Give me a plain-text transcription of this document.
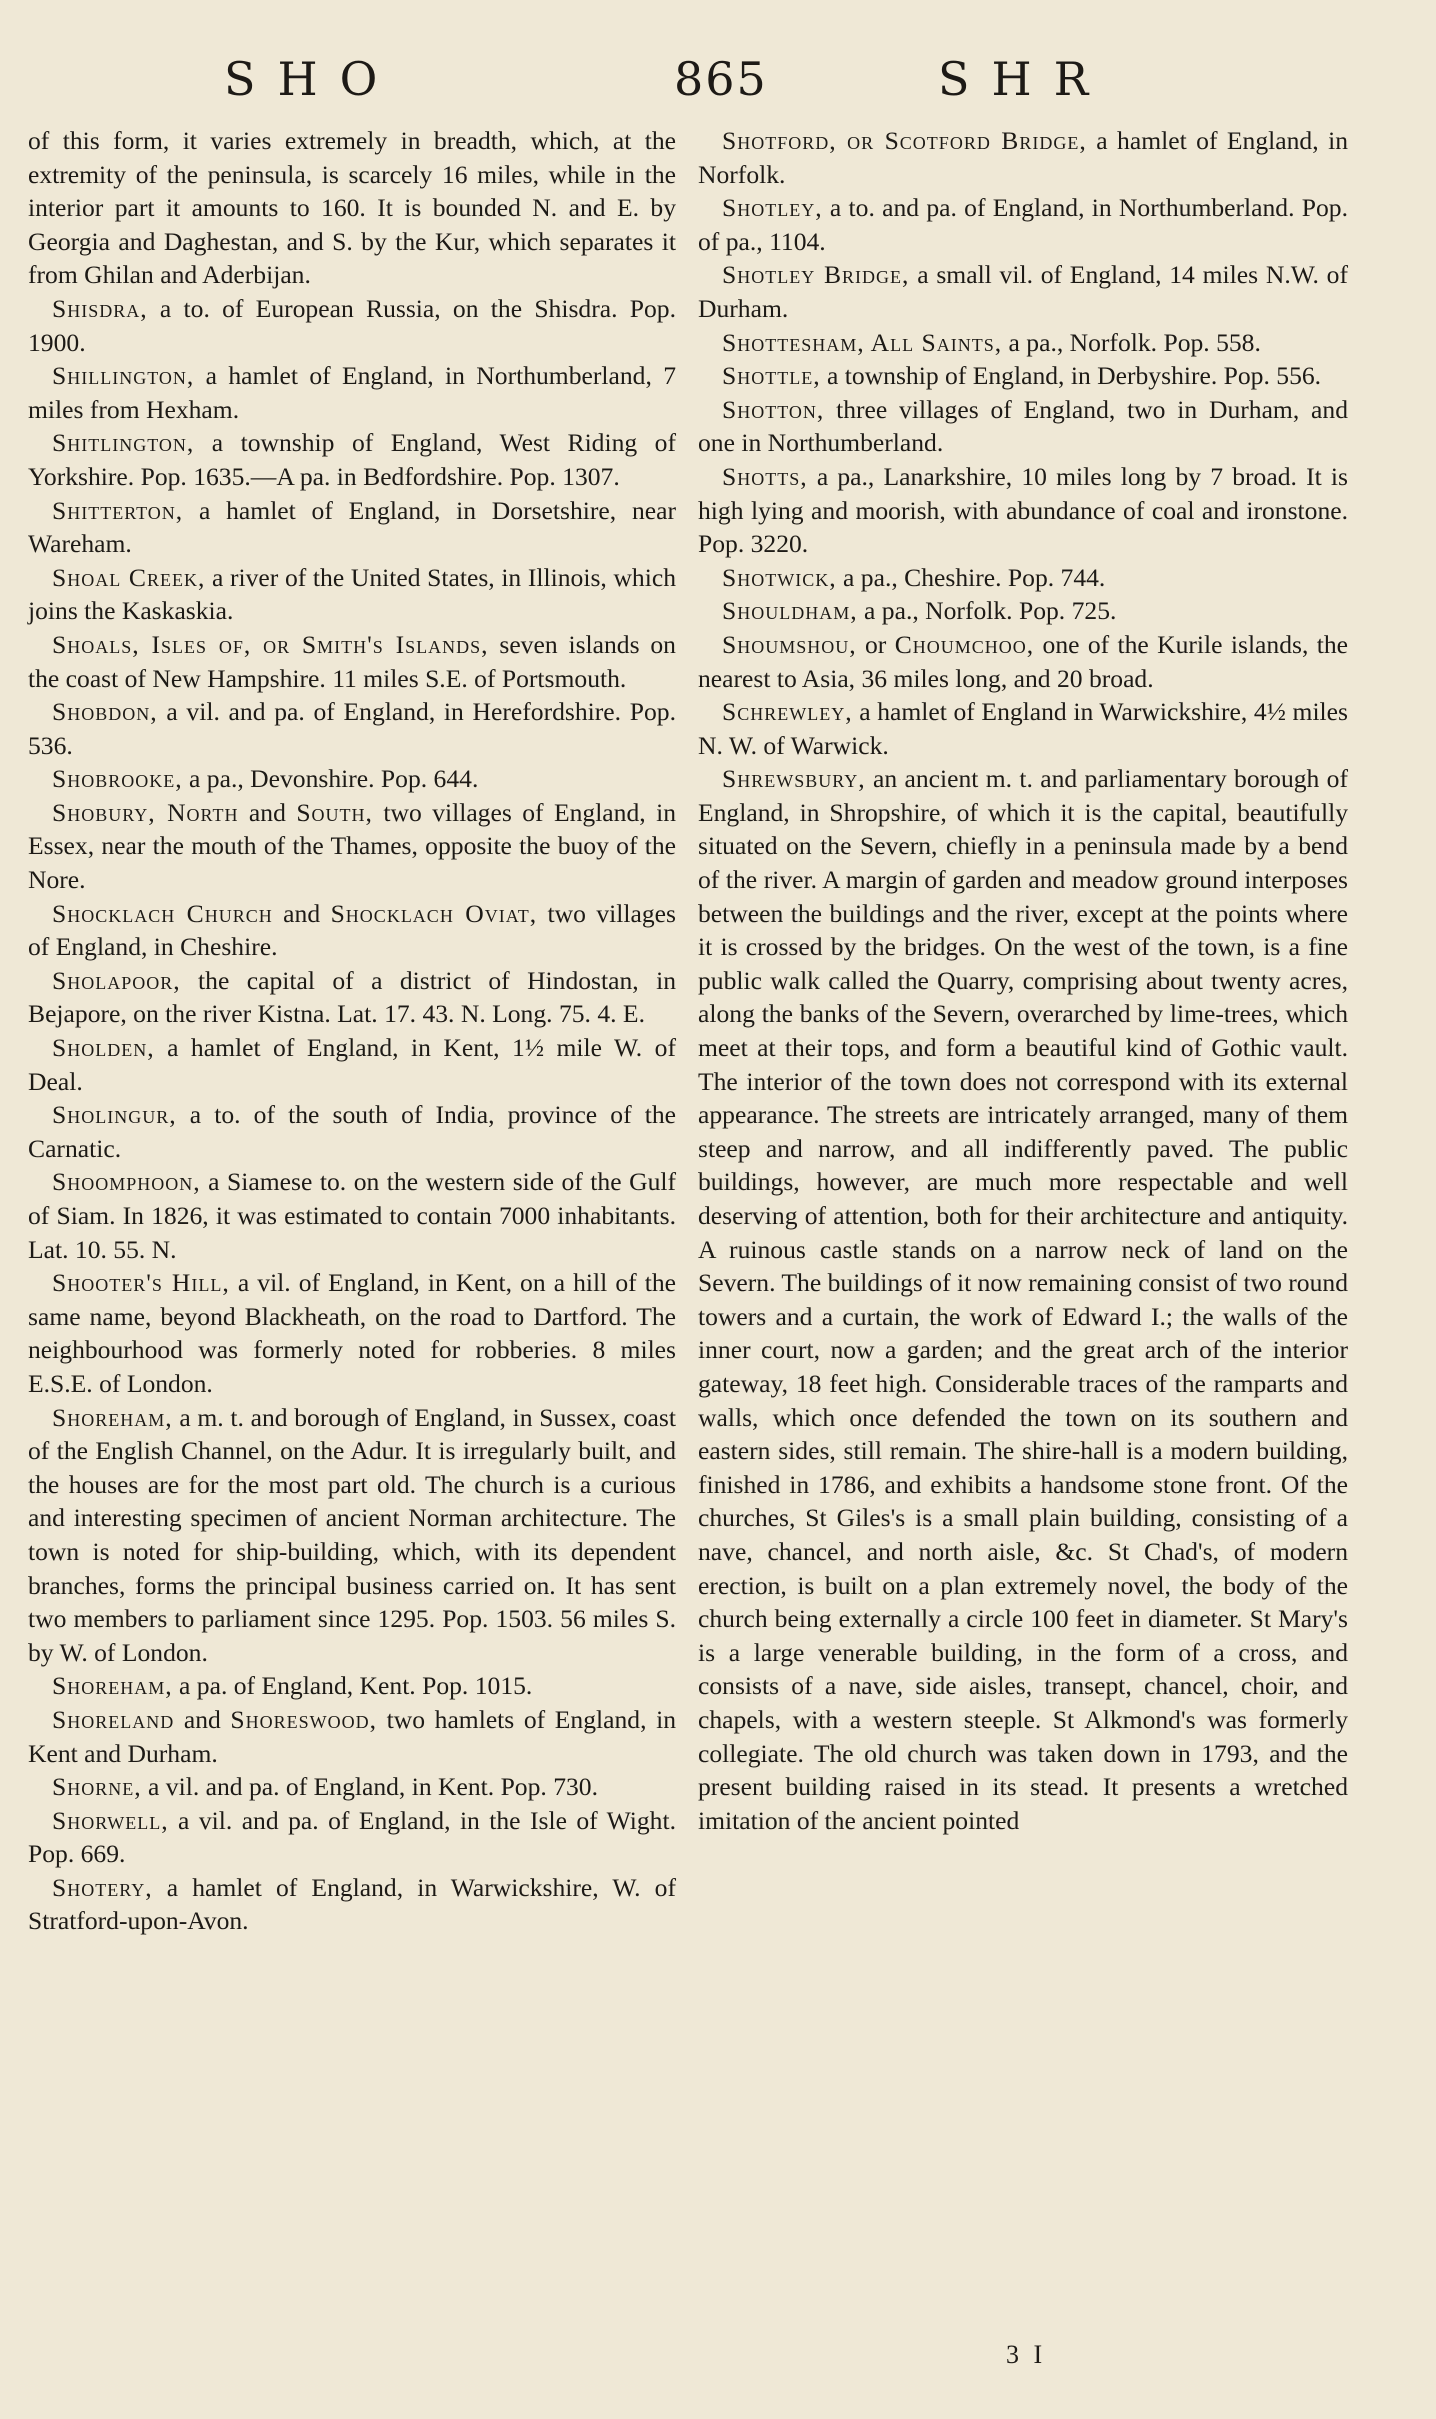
SHO	865	SHR

of this form, it varies extremely in breadth, which, at the extremity of the peninsula, is scarcely 16 miles, while in the interior part it amounts to 160. It is bounded N. and E. by Georgia and Daghestan, and S. by the Kur, which separates it from Ghilan and Aderbijan.

Shisdra, a to. of European Russia, on the Shisdra. Pop. 1900.

Shillington, a hamlet of England, in Northumberland, 7 miles from Hexham.

Shitlington, a township of England, West Riding of Yorkshire. Pop. 1635.—A pa. in Bedfordshire. Pop. 1307.

Shitterton, a hamlet of England, in Dorsetshire, near Wareham.

Shoal Creek, a river of the United States, in Illinois, which joins the Kaskaskia.

Shoals, Isles of, or Smith's Islands, seven islands on the coast of New Hampshire. 11 miles S.E. of Portsmouth.

Shobdon, a vil. and pa. of England, in Herefordshire. Pop. 536.

Shobrooke, a pa., Devonshire. Pop. 644.

Shobury, North and South, two villages of England, in Essex, near the mouth of the Thames, opposite the buoy of the Nore.

Shocklach Church and Shocklach Oviat, two villages of England, in Cheshire.

Sholapoor, the capital of a district of Hindostan, in Bejapore, on the river Kistna. Lat. 17. 43. N. Long. 75. 4. E.

Sholden, a hamlet of England, in Kent, 1½ mile W. of Deal.

Sholingur, a to. of the south of India, province of the Carnatic.

Shoomphoon, a Siamese to. on the western side of the Gulf of Siam. In 1826, it was estimated to contain 7000 inhabitants. Lat. 10. 55. N.

Shooter's Hill, a vil. of England, in Kent, on a hill of the same name, beyond Blackheath, on the road to Dartford. The neighbourhood was formerly noted for robberies. 8 miles E.S.E. of London.

Shoreham, a m. t. and borough of England, in Sussex, coast of the English Channel, on the Adur. It is irregularly built, and the houses are for the most part old. The church is a curious and interesting specimen of ancient Norman architecture. The town is noted for ship-building, which, with its dependent branches, forms the principal business carried on. It has sent two members to parliament since 1295. Pop. 1503. 56 miles S. by W. of London.

Shoreham, a pa. of England, Kent. Pop. 1015.

Shoreland and Shoreswood, two hamlets of England, in Kent and Durham.

Shorne, a vil. and pa. of England, in Kent. Pop. 730.

Shorwell, a vil. and pa. of England, in the Isle of Wight. Pop. 669.

Shotery, a hamlet of England, in Warwickshire, W. of Stratford-upon-Avon.

Shotford, or Scotford Bridge, a hamlet of England, in Norfolk.

Shotley, a to. and pa. of England, in Northumberland. Pop. of pa., 1104.

Shotley Bridge, a small vil. of England, 14 miles N.W. of Durham.

Shottesham, All Saints, a pa., Norfolk. Pop. 558.

Shottle, a township of England, in Derbyshire. Pop. 556.

Shotton, three villages of England, two in Durham, and one in Northumberland.

Shotts, a pa., Lanarkshire, 10 miles long by 7 broad. It is high lying and moorish, with abundance of coal and ironstone. Pop. 3220.

Shotwick, a pa., Cheshire. Pop. 744.

Shouldham, a pa., Norfolk. Pop. 725.

Shoumshou, or Choumchoo, one of the Kurile islands, the nearest to Asia, 36 miles long, and 20 broad.

Schrewley, a hamlet of England in Warwickshire, 4½ miles N. W. of Warwick.

Shrewsbury, an ancient m. t. and parliamentary borough of England, in Shropshire, of which it is the capital, beautifully situated on the Severn, chiefly in a peninsula made by a bend of the river. A margin of garden and meadow ground interposes between the buildings and the river, except at the points where it is crossed by the bridges. On the west of the town, is a fine public walk called the Quarry, comprising about twenty acres, along the banks of the Severn, overarched by lime-trees, which meet at their tops, and form a beautiful kind of Gothic vault. The interior of the town does not correspond with its external appearance. The streets are intricately arranged, many of them steep and narrow, and all indifferently paved. The public buildings, however, are much more respectable and well deserving of attention, both for their architecture and antiquity. A ruinous castle stands on a narrow neck of land on the Severn. The buildings of it now remaining consist of two round towers and a curtain, the work of Edward I.; the walls of the inner court, now a garden; and the great arch of the interior gateway, 18 feet high. Considerable traces of the ramparts and walls, which once defended the town on its southern and eastern sides, still remain. The shire-hall is a modern building, finished in 1786, and exhibits a handsome stone front. Of the churches, St Giles's is a small plain building, consisting of a nave, chancel, and north aisle, &c. St Chad's, of modern erection, is built on a plan extremely novel, the body of the church being externally a circle 100 feet in diameter. St Mary's is a large venerable building, in the form of a cross, and consists of a nave, side aisles, transept, chancel, choir, and chapels, with a western steeple. St Alkmond's was formerly collegiate. The old church was taken down in 1793, and the present building raised in its stead. It presents a wretched imitation of the ancient pointed

3 I
